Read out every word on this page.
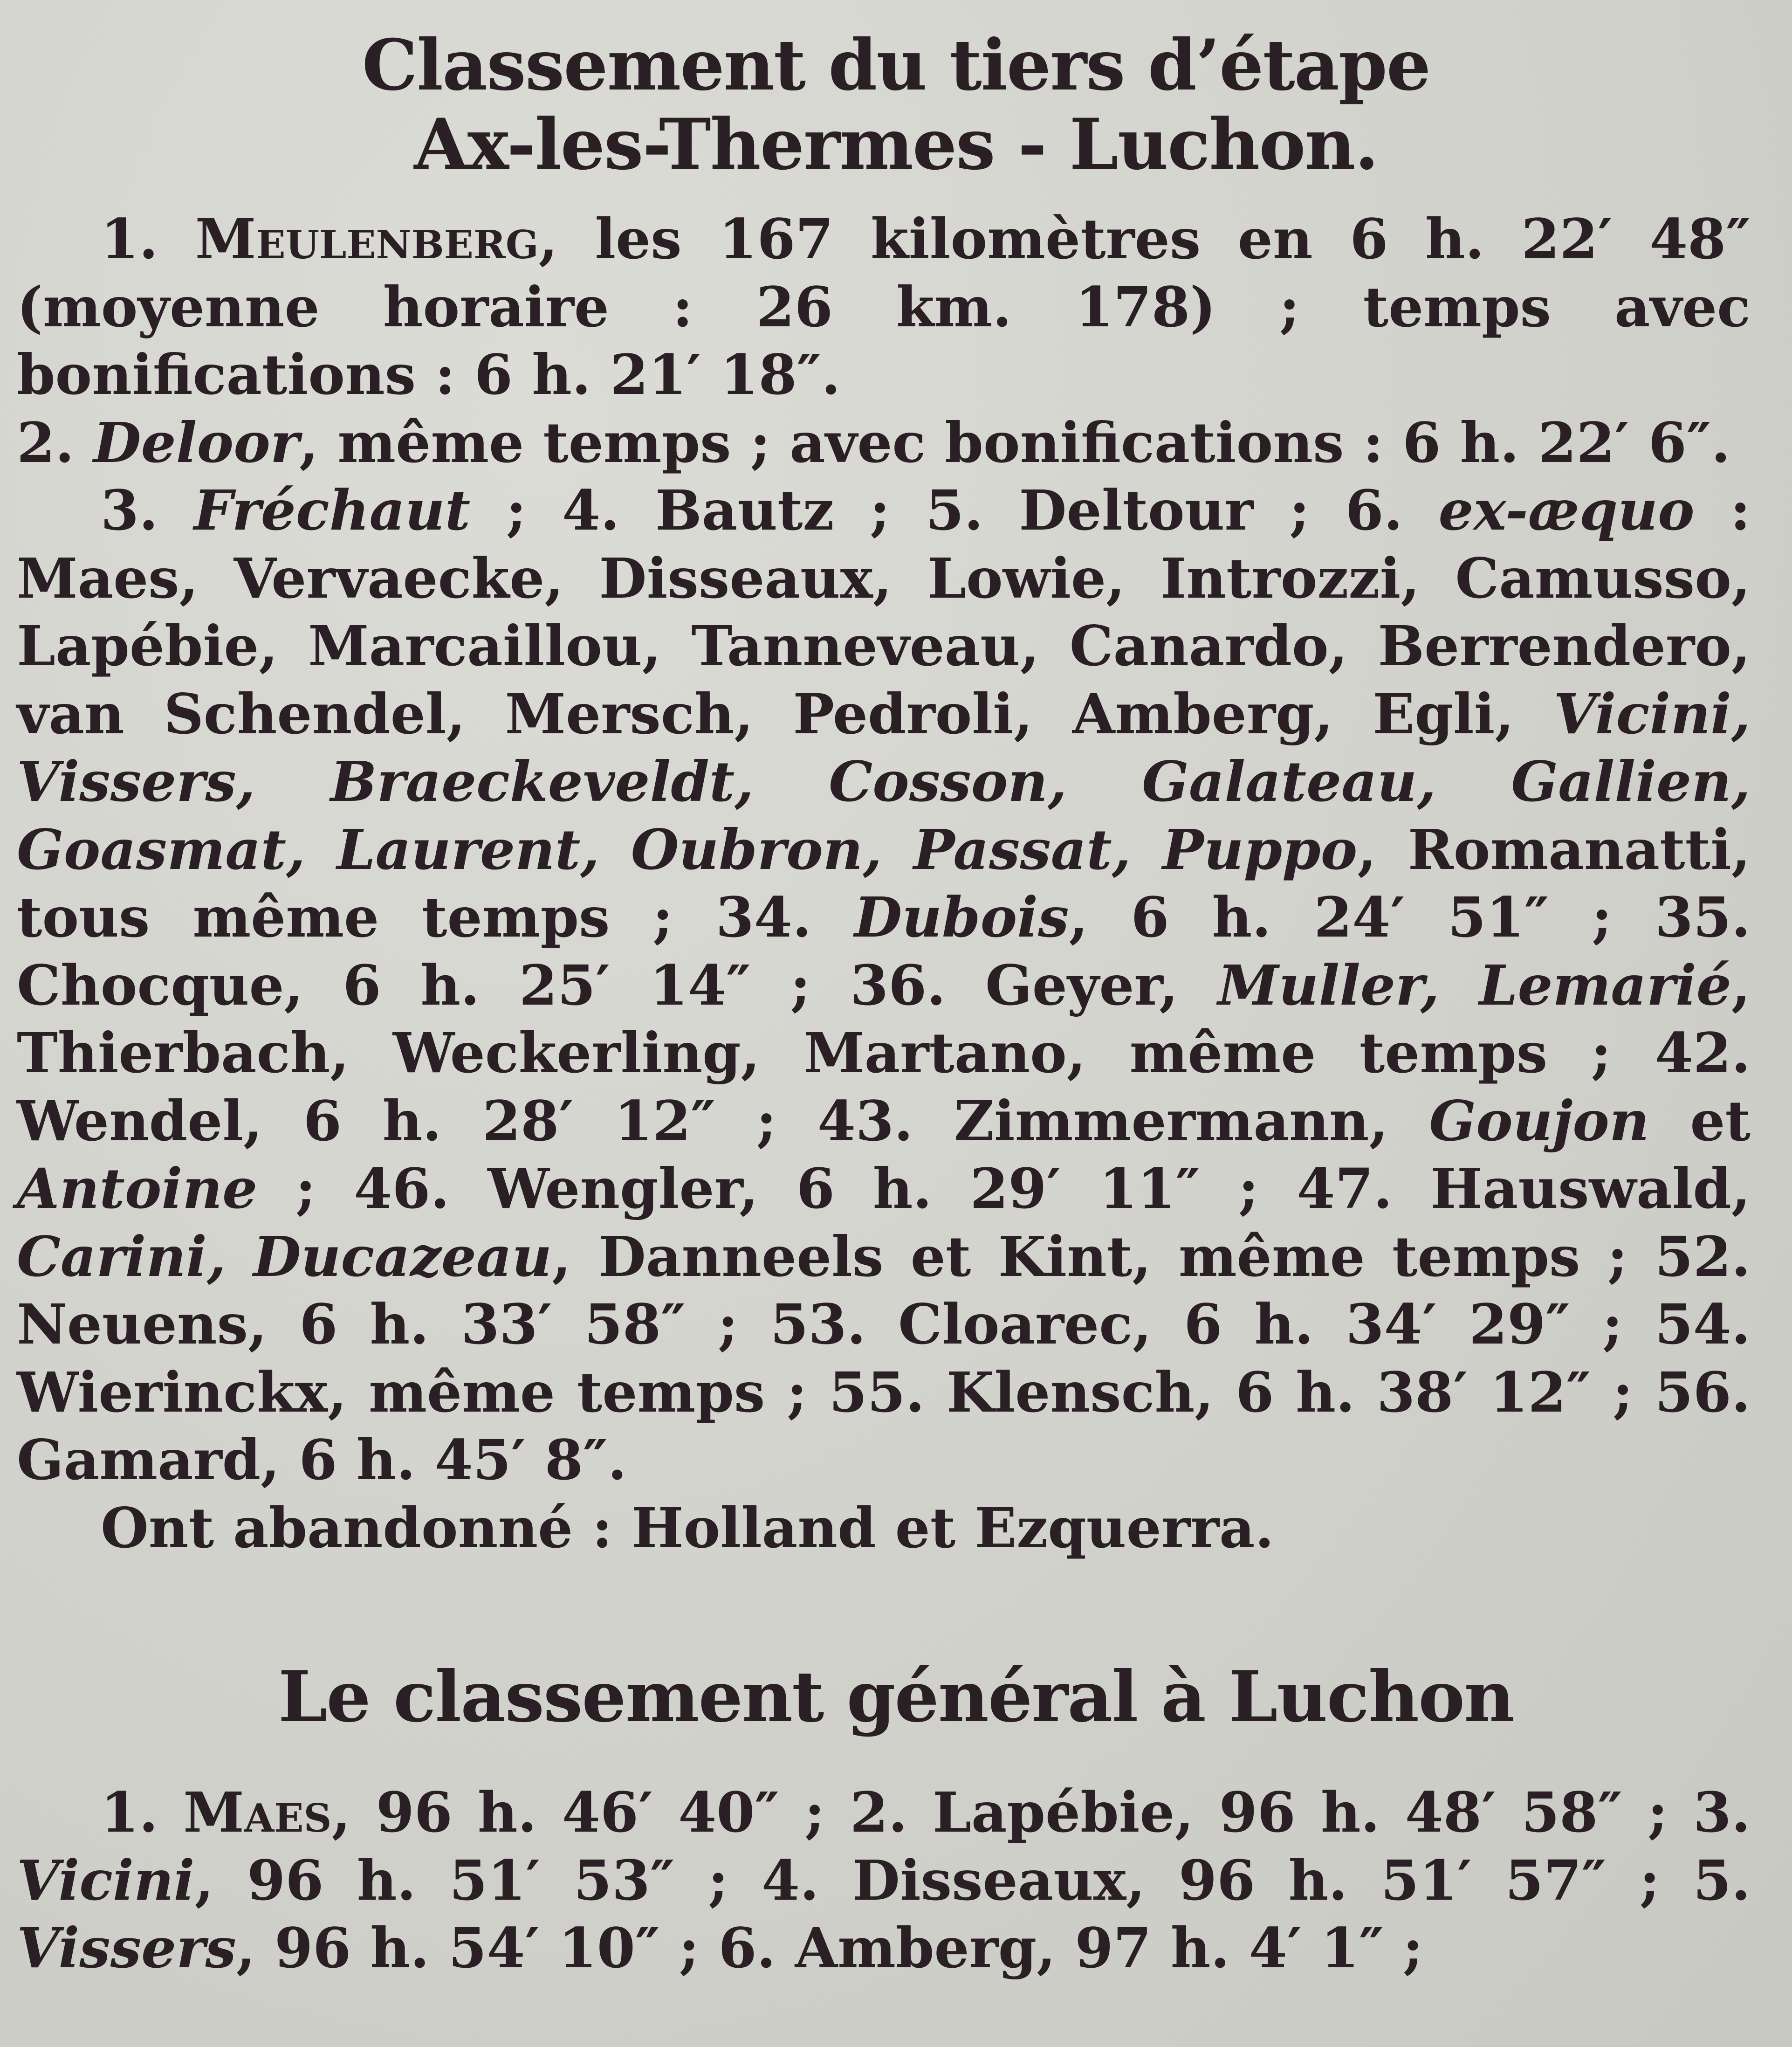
Classement du tiers d’étape
Ax-les-Thermes - Luchon.

1. Meulenberg, les 167 kilomètres en 6 h. 22′ 48″ (moyenne horaire : 26 km. 178) ; temps avec bonifications : 6 h. 21′ 18″.

2. Deloor, même temps ; avec bonifications : 6 h. 22′ 6″.

3. Fréchaut ; 4. Bautz ; 5. Deltour ; 6. ex-æquo : Maes, Vervaecke, Disseaux, Lowie, Introzzi, Camusso, Lapébie, Marcaillou, Tanneveau, Canardo, Berrendero, van Schendel, Mersch, Pedroli, Amberg, Egli, Vicini, Vissers, Braeckeveldt, Cosson, Galateau, Gallien, Goasmat, Laurent, Oubron, Passat, Puppo, Romanatti, tous même temps ; 34. Dubois, 6 h. 24′ 51″ ; 35. Chocque, 6 h. 25′ 14″ ; 36. Geyer, Muller, Lemarié, Thierbach, Weckerling, Martano, même temps ; 42. Wendel, 6 h. 28′ 12″ ; 43. Zimmermann, Goujon et Antoine ; 46. Wengler, 6 h. 29′ 11″ ; 47. Hauswald, Carini, Ducazeau, Danneels et Kint, même temps ; 52. Neuens, 6 h. 33′ 58″ ; 53. Cloarec, 6 h. 34′ 29″ ; 54. Wierinckx, même temps ; 55. Klensch, 6 h. 38′ 12″ ; 56. Gamard, 6 h. 45′ 8″.

Ont abandonné : Holland et Ezquerra.

Le classement général à Luchon

1. Maes, 96 h. 46′ 40″ ; 2. Lapébie, 96 h. 48′ 58″ ; 3. Vicini, 96 h. 51′ 53″ ; 4. Disseaux, 96 h. 51′ 57″ ; 5. Vissers, 96 h. 54′ 10″ ; 6. Amberg, 97 h. 4′ 1″ ;
